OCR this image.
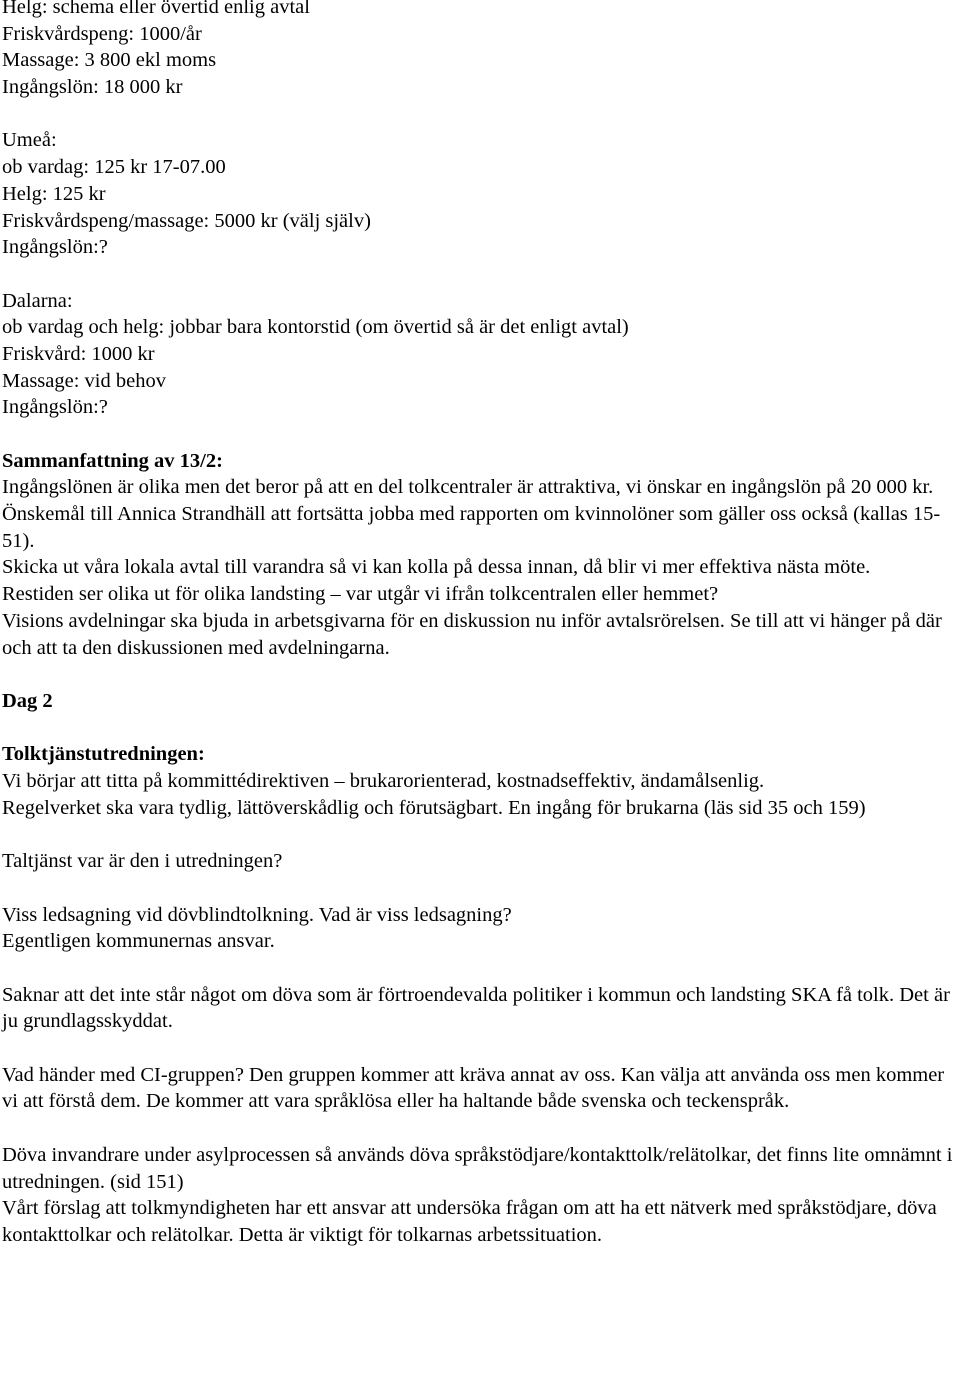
Helg: schema eller övertid enlig avtal
Friskvårdspeng: 1000/år
Massage: 3 800 ekl moms
Ingångslön: 18 000 kr
Umeå:
ob vardag: 125 kr 17-07.00
Helg: 125 kr
Friskvårdspeng/massage: 5000 kr (välj själv)
Ingångslön:?
Dalarna:
ob vardag och helg: jobbar bara kontorstid (om övertid så är det enligt avtal)
Friskvård: 1000 kr
Massage: vid behov
Ingångslön:?
Sammanfattning av 13/2:

Ingångslönen är olika men det beror på att en del tolkcentraler är attraktiva, vi önskar en ingångslön på 20 000 kr.

Önskemål till Annica Strandhäll att fortsätta jobba med rapporten om kvinnolöner som gäller oss också (kallas 15-51).

Skicka ut våra lokala avtal till varandra så vi kan kolla på dessa innan, då blir vi mer effektiva nästa möte.

Restiden ser olika ut för olika landsting – var utgår vi ifrån tolkcentralen eller hemmet?

Visions avdelningar ska bjuda in arbetsgivarna för en diskussion nu inför avtalsrörelsen. Se till att vi hänger på där och att ta den diskussionen med avdelningarna.

Dag 2
Tolktjänstutredningen:

Vi börjar att titta på kommittédirektiven – brukarorienterad, kostnadseffektiv, ändamålsenlig.

Regelverket ska vara tydlig, lättöverskådlig och förutsägbart. En ingång för brukarna (läs sid 35 och 159)

Taltjänst var är den i utredningen?

Viss ledsagning vid dövblindtolkning. Vad är viss ledsagning?

Egentligen kommunernas ansvar.

Saknar att det inte står något om döva som är förtroendevalda politiker i kommun och landsting SKA få tolk. Det är ju grundlagsskyddat.

Vad händer med CI-gruppen? Den gruppen kommer att kräva annat av oss. Kan välja att använda oss men kommer vi att förstå dem. De kommer att vara språklösa eller ha haltande både svenska och teckenspråk.

Döva invandrare under asylprocessen så används döva språkstödjare/kontakttolk/relätolkar, det finns lite omnämnt i utredningen. (sid 151)

Vårt förslag att tolkmyndigheten har ett ansvar att undersöka frågan om att ha ett nätverk med språkstödjare, döva kontakttolkar och relätolkar. Detta är viktigt för tolkarnas arbetssituation.
